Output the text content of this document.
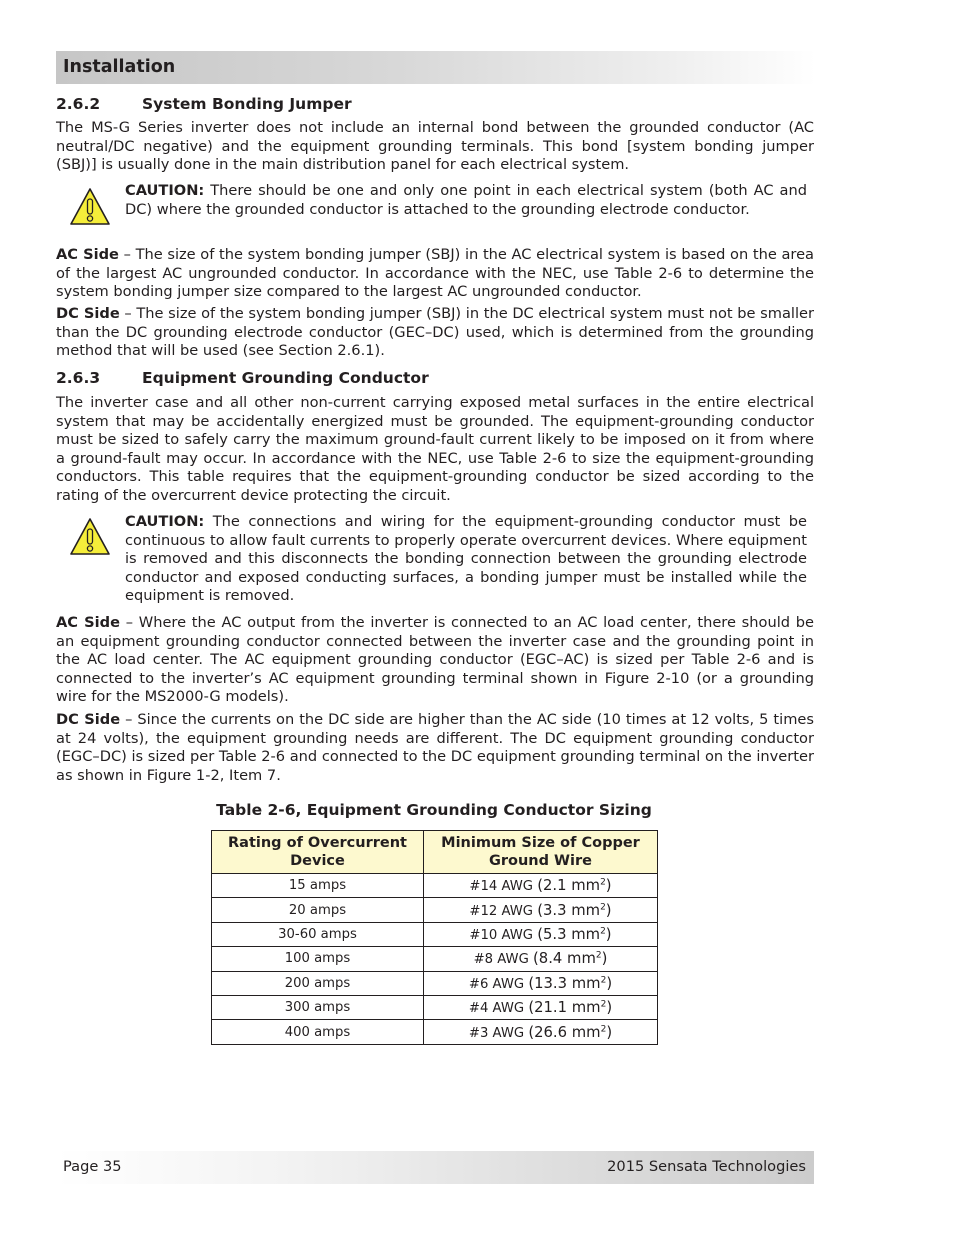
Installation
2.6.2	System Bonding Jumper
The MS-G Series inverter does not include an internal bond between the grounded conductor (AC neutral/DC negative) and the equipment grounding terminals. This bond [system bonding jumper (SBJ)] is usually done in the main distribution panel for each electrical system.
CAUTION: There should be one and only one point in each electrical system (both AC and DC) where the grounded conductor is attached to the grounding electrode conductor.
AC Side – The size of the system bonding jumper (SBJ) in the AC electrical system is based on the area of the largest AC ungrounded conductor. In accordance with the NEC, use Table 2-6 to determine the system bonding jumper size compared to the largest AC ungrounded conductor.
DC Side – The size of the system bonding jumper (SBJ) in the DC electrical system must not be smaller than the DC grounding electrode conductor (GEC–DC) used, which is determined from the grounding method that will be used (see Section 2.6.1).
2.6.3	Equipment Grounding Conductor
The inverter case and all other non-current carrying exposed metal surfaces in the entire electrical system that may be accidentally energized must be grounded. The equipment-grounding conductor must be sized to safely carry the maximum ground-fault current likely to be imposed on it from where a ground-fault may occur. In accordance with the NEC, use Table 2-6 to size the equipment-grounding conductors. This table requires that the equipment-grounding conductor be sized according to the rating of the overcurrent device protecting the circuit.
CAUTION: The connections and wiring for the equipment-grounding conductor must be continuous to allow fault currents to properly operate overcurrent devices. Where equipment is removed and this disconnects the bonding connection between the grounding electrode conductor and exposed conducting surfaces, a bonding jumper must be installed while the equipment is removed.
AC Side – Where the AC output from the inverter is connected to an AC load center, there should be an equipment grounding conductor connected between the inverter case and the grounding point in the AC load center. The AC equipment grounding conductor (EGC–AC) is sized per Table 2-6 and is connected to the inverter’s AC equipment grounding terminal shown in Figure 2-10 (or a grounding wire for the MS2000-G models).
DC Side – Since the currents on the DC side are higher than the AC side (10 times at 12 volts, 5 times at 24 volts), the equipment grounding needs are different. The DC equipment grounding conductor (EGC–DC) is sized per Table 2-6 and connected to the DC equipment grounding terminal on the inverter as shown in Figure 1-2, Item 7.
Table 2-6, Equipment Grounding Conductor Sizing
Rating of Overcurrent Device	Minimum Size of Copper Ground Wire
15 amps	#14 AWG (2.1 $mm^2$)
20 amps	#12 AWG (3.3 $mm^2$)
30-60 amps	#10 AWG (5.3 $mm^2$)
100 amps	#8 AWG (8.4 $mm^2$)
200 amps	#6 AWG (13.3 $mm^2$)
300 amps	#4 AWG (21.1 $mm^2$)
400 amps	#3 AWG (26.6 $mm^2$)
Page 35	2015 Sensata Technologies
